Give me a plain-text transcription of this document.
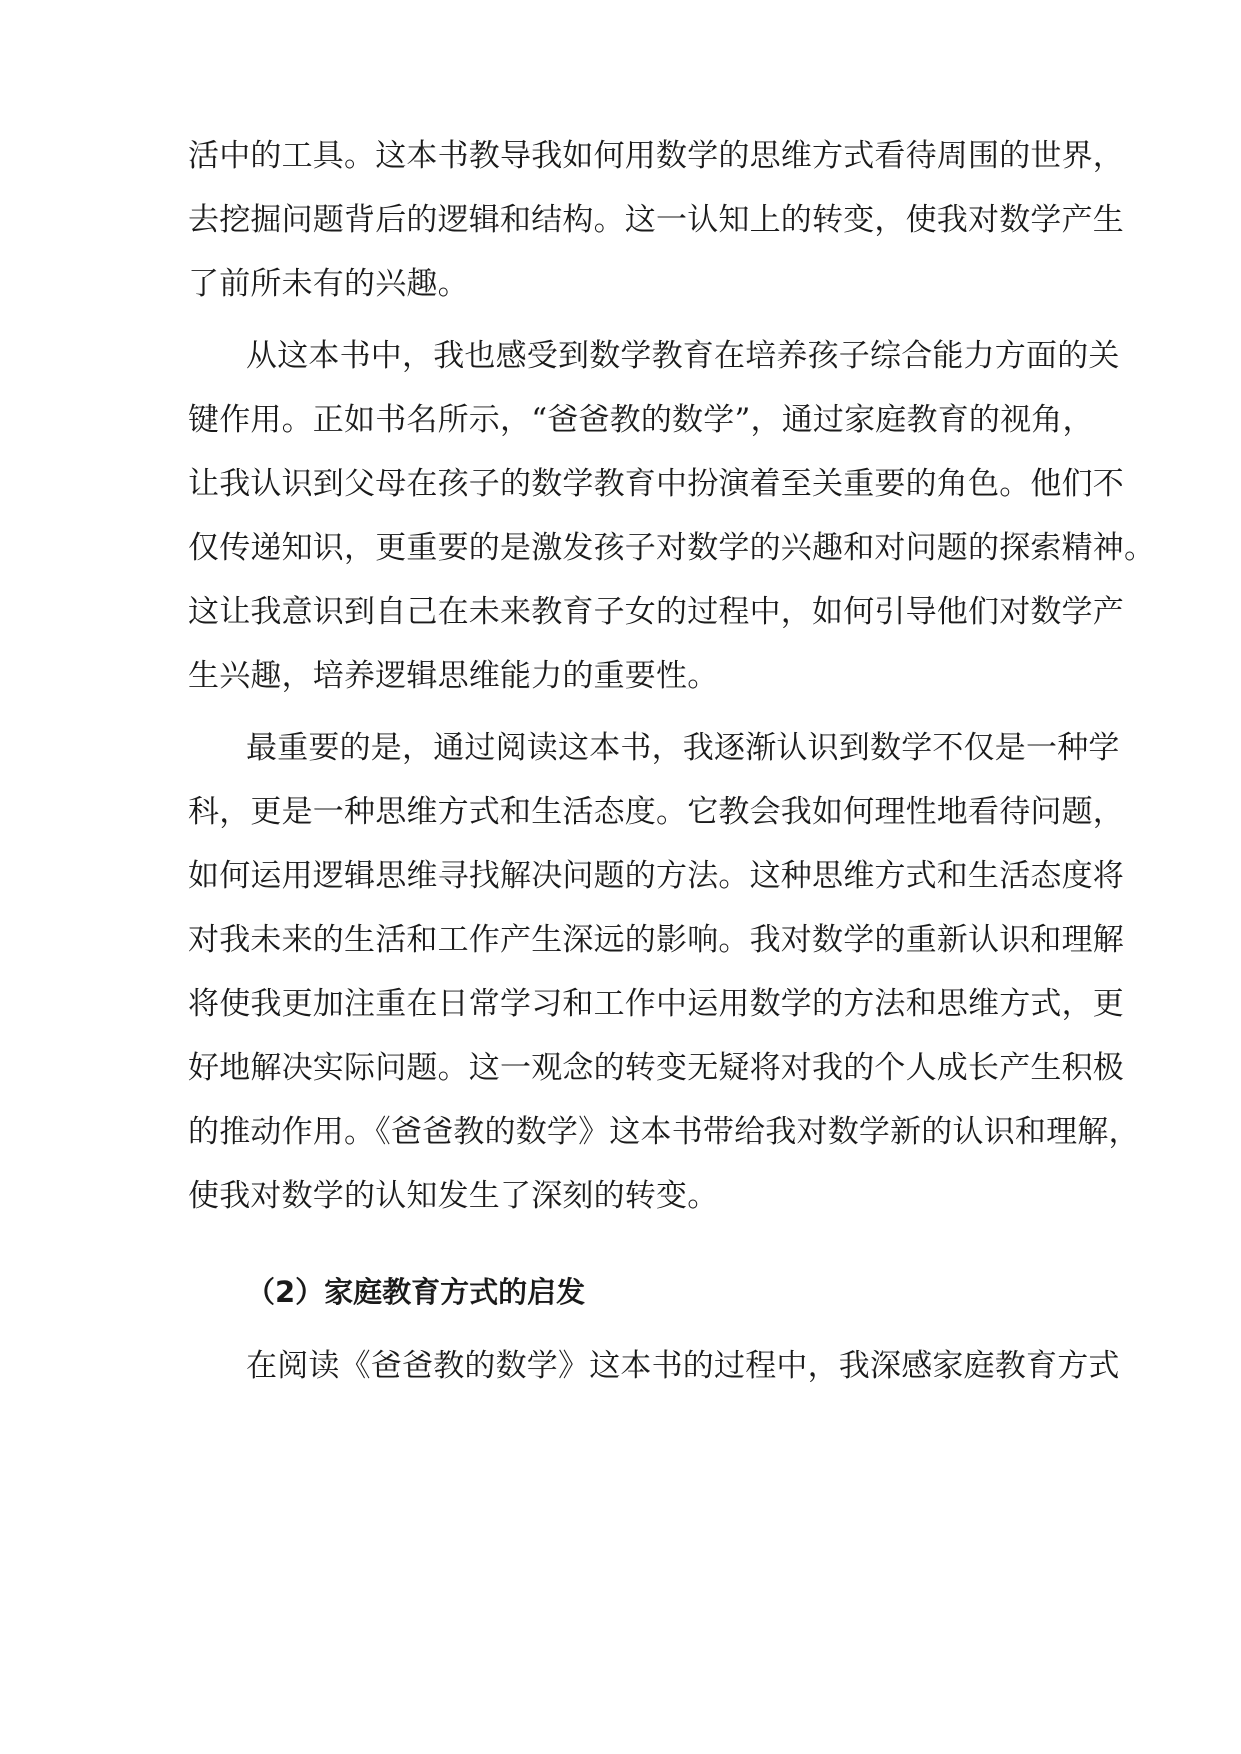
活中的工具。这本书教导我如何用数学的思维方式看待周围的世界，
去挖掘问题背后的逻辑和结构。这一认知上的转变，使我对数学产生
了前所未有的兴趣。
从这本书中，我也感受到数学教育在培养孩子综合能力方面的关
键作用。正如书名所示，“爸爸教的数学”，通过家庭教育的视角，
让我认识到父母在孩子的数学教育中扮演着至关重要的角色。他们不
仅传递知识，更重要的是激发孩子对数学的兴趣和对问题的探索精神。
这让我意识到自己在未来教育子女的过程中，如何引导他们对数学产
生兴趣，培养逻辑思维能力的重要性。
最重要的是，通过阅读这本书，我逐渐认识到数学不仅是一种学
科，更是一种思维方式和生活态度。它教会我如何理性地看待问题，
如何运用逻辑思维寻找解决问题的方法。这种思维方式和生活态度将
对我未来的生活和工作产生深远的影响。我对数学的重新认识和理解
将使我更加注重在日常学习和工作中运用数学的方法和思维方式，更
好地解决实际问题。这一观念的转变无疑将对我的个人成长产生积极
的推动作用。《爸爸教的数学》这本书带给我对数学新的认识和理解，
使我对数学的认知发生了深刻的转变。
（2）家庭教育方式的启发
在阅读《爸爸教的数学》这本书的过程中，我深感家庭教育方式
